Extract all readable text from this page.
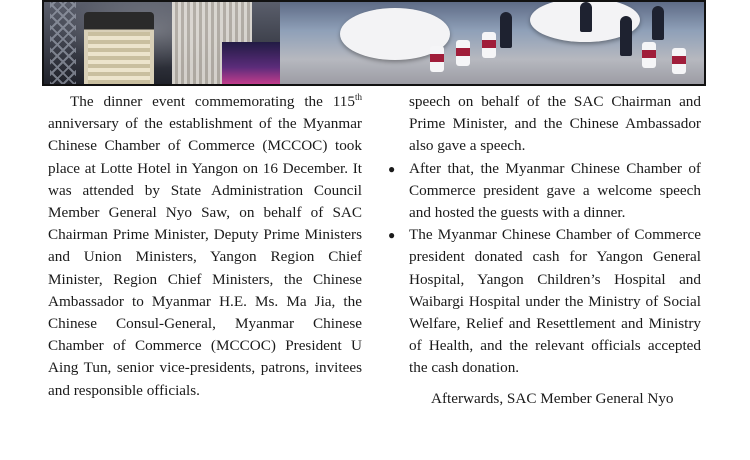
The dinner event commemorating the 115th anniversary of the establishment of the Myanmar Chinese Chamber of Commerce (MCCOC) took place at Lotte Hotel in Yangon on 16 December. It was attended by State Administration Council Member General Nyo Saw, on behalf of SAC Chairman Prime Minister, Deputy Prime Ministers and Union Ministers, Yangon Region Chief Minister, Region Chief Ministers, the Chinese Ambassador to Myanmar H.E. Ms. Ma Jia, the Chinese Consul-General, Myanmar Chinese Chamber of Commerce (MCCOC) President U Aing Tun, senior vice-presidents, patrons, invitees and responsible officials.

speech on behalf of the SAC Chairman and Prime Minister, and the Chinese Ambassador also gave a speech.

● After that, the Myanmar Chinese Chamber of Commerce president gave a welcome speech and hosted the guests with a dinner.
● The Myanmar Chinese Chamber of Commerce president donated cash for Yangon General Hospital, Yangon Children’s Hospital and Waibargi Hospital under the Ministry of Social Welfare, Relief and Resettlement and Ministry of Health, and the relevant officials accepted the cash donation.

Afterwards, SAC Member General Nyo
